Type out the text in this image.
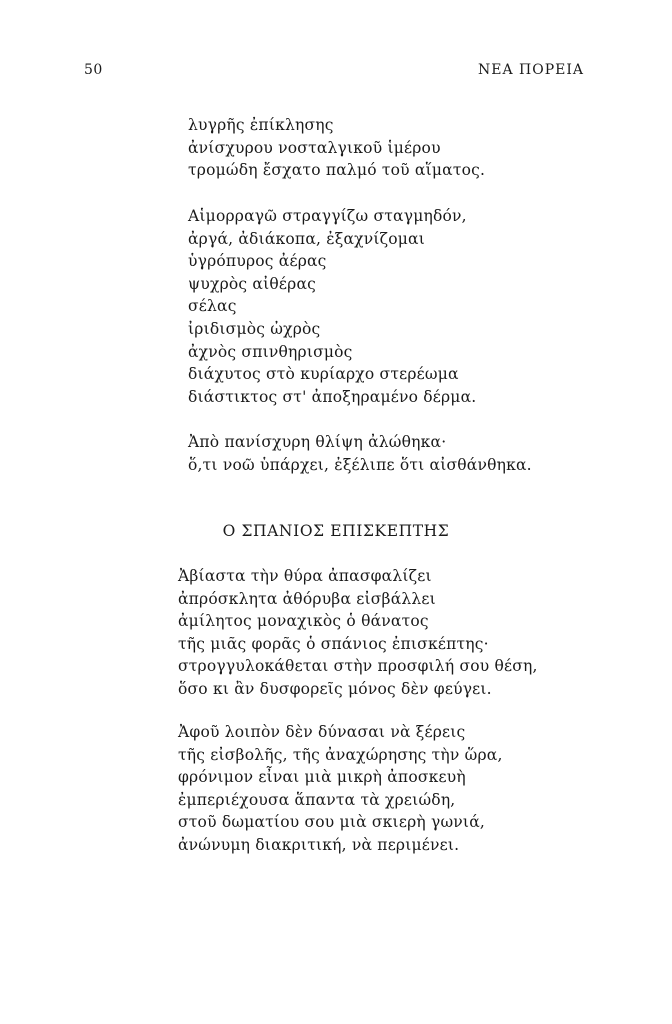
50	ΝΕΑ ΠΟΡΕΙΑ
λυγρῆς ἐπίκλησης
ἀνίσχυρου νοσταλγικοῦ ἱμέρου
τρομώδη ἔσχατο παλμό τοῦ αἵματος.
Αἱμορραγῶ στραγγίζω σταγμηδόν,
ἀργά, ἀδιάκοπα, ἐξαχνίζομαι
ὑγρόπυρος ἀέρας
ψυχρὸς αἰθέρας
σέλας
ἰριδισμὸς ὠχρὸς
ἀχνὸς σπινθηρισμὸς
διάχυτος στὸ κυρίαρχο στερέωμα
διάστικτος στ' ἀποξηραμένο δέρμα.
Ἀπὸ πανίσχυρη θλίψη ἀλώθηκα·
ὅ,τι νοῶ ὑπάρχει, ἐξέλιπε ὅτι αἰσθάνθηκα.
Ο ΣΠΑΝΙΟΣ ΕΠΙΣΚΕΠΤΗΣ
Ἀβίαστα τὴν θύρα ἀπασφαλίζει
ἀπρόσκλητα ἀθόρυβα εἰσβάλλει
ἀμίλητος μοναχικὸς ὁ θάνατος
τῆς μιᾶς φορᾶς ὁ σπάνιος ἐπισκέπτης·
στρογγυλοκάθεται στὴν προσφιλή σου θέση,
ὅσο κι ἂν δυσφορεῖς μόνος δὲν φεύγει.
Ἀφοῦ λοιπὸν δὲν δύνασαι νὰ ξέρεις
τῆς εἰσβολῆς, τῆς ἀναχώρησης τὴν ὥρα,
φρόνιμον εἶναι μιὰ μικρὴ ἀποσκευὴ
ἐμπεριέχουσα ἅπαντα τὰ χρειώδη,
στοῦ δωματίου σου μιὰ σκιερὴ γωνιά,
ἀνώνυμη διακριτική, νὰ περιμένει.
